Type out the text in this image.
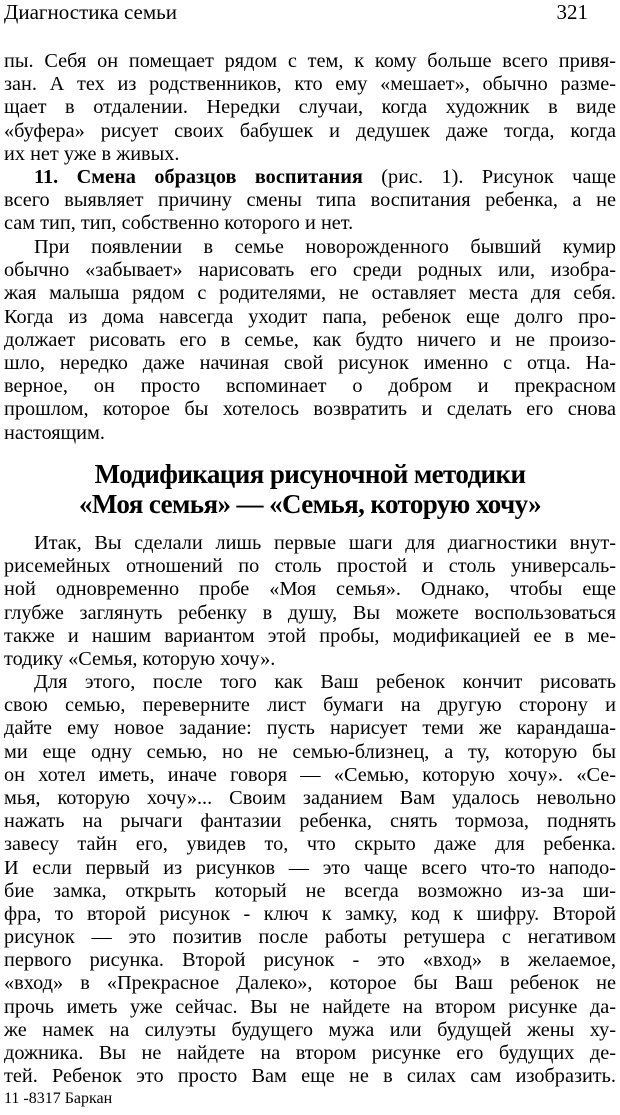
Диагностика семьи	321
пы. Себя он помещает рядом с тем, к кому больше всего привя-
зан. А тех из родственников, кто ему «мешает», обычно разме-
щает в отдалении. Нередки случаи, когда художник в виде
«буфера» рисует своих бабушек и дедушек даже тогда, когда
их нет уже в живых.
11. Смена образцов воспитания (рис. 1). Рисунок чаще
всего выявляет причину смены типа воспитания ребенка, а не
сам тип, тип, собственно которого и нет.
При появлении в семье новорожденного бывший кумир
обычно «забывает» нарисовать его среди родных или, изобра-
жая малыша рядом с родителями, не оставляет места для себя.
Когда из дома навсегда уходит папа, ребенок еще долго про-
должает рисовать его в семье, как будто ничего и не произо-
шло, нередко даже начиная свой рисунок именно с отца. На-
верное, он просто вспоминает о добром и прекрасном
прошлом, которое бы хотелось возвратить и сделать его снова
настоящим.
Модификация рисуночной методики
«Моя семья» — «Семья, которую хочу»
Итак, Вы сделали лишь первые шаги для диагностики внут-
рисемейных отношений по столь простой и столь универсаль-
ной одновременно пробе «Моя семья». Однако, чтобы еще
глубже заглянуть ребенку в душу, Вы можете воспользоваться
также и нашим вариантом этой пробы, модификацией ее в ме-
тодику «Семья, которую хочу».
Для этого, после того как Ваш ребенок кончит рисовать
свою семью, переверните лист бумаги на другую сторону и
дайте ему новое задание: пусть нарисует теми же карандаша-
ми еще одну семью, но не семью-близнец, а ту, которую бы
он хотел иметь, иначе говоря — «Семью, которую хочу». «Се-
мья, которую хочу»... Своим заданием Вам удалось невольно
нажать на рычаги фантазии ребенка, снять тормоза, поднять
завесу тайн его, увидев то, что скрыто даже для ребенка.
И если первый из рисунков — это чаще всего что-то наподо-
бие замка, открыть который не всегда возможно из-за ши-
фра, то второй рисунок - ключ к замку, код к шифру. Второй
рисунок — это позитив после работы ретушера с негативом
первого рисунка. Второй рисунок - это «вход» в желаемое,
«вход» в «Прекрасное Далеко», которое бы Ваш ребенок не
прочь иметь уже сейчас. Вы не найдете на втором рисунке да-
же намек на силуэты будущего мужа или будущей жены ху-
дожника. Вы не найдете на втором рисунке его будущих де-
тей. Ребенок это просто Вам еще не в силах сам изобразить.
11 -8317 Баркан
